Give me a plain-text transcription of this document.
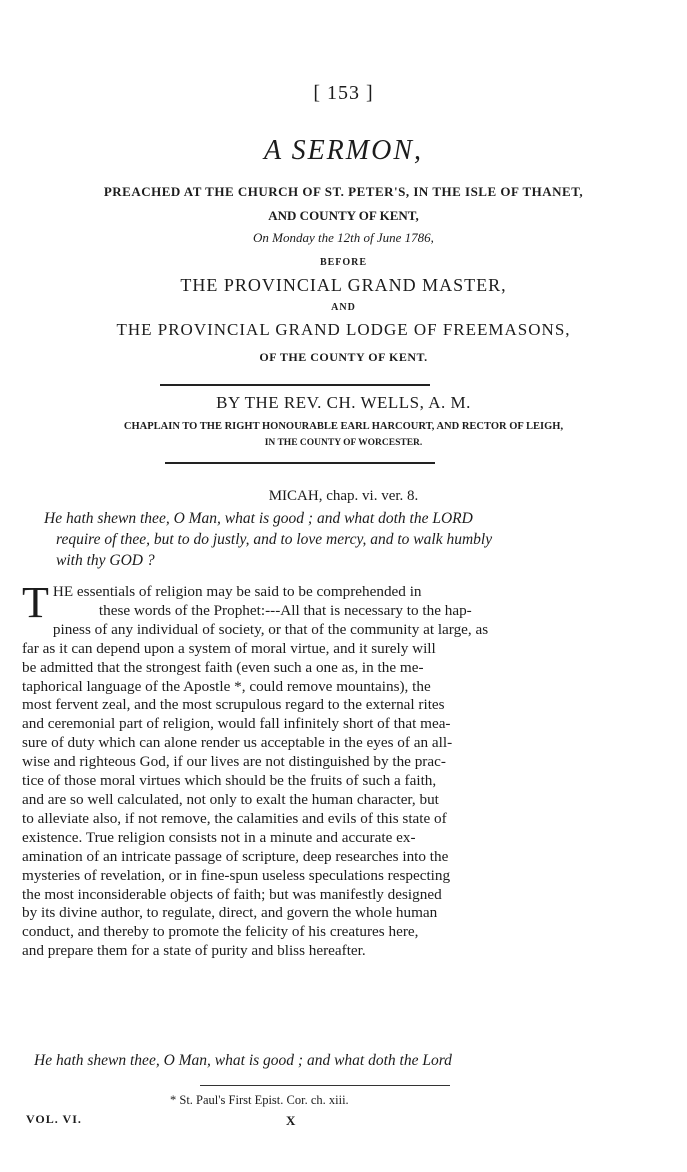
[ 153 ]
A SERMON,
PREACHED AT THE CHURCH OF ST. PETER'S, IN THE ISLE OF THANET,
AND COUNTY OF KENT,
On Monday the 12th of June 1786,
BEFORE
THE PROVINCIAL GRAND MASTER,
AND
THE PROVINCIAL GRAND LODGE OF FREEMASONS,
OF THE COUNTY OF KENT.
BY THE REV. CH. WELLS, A. M.
CHAPLAIN TO THE RIGHT HONOURABLE EARL HARCOURT, AND RECTOR OF LEIGH,
IN THE COUNTY OF WORCESTER.
MICAH, chap. vi. ver. 8.
He hath shewn thee, O Man, what is good ; and what doth the LORD
require of thee, but to do justly, and to love mercy, and to walk humbly
with thy GOD ?
T HE essentials of religion may be said to be comprehended in
these words of the Prophet:---All that is necessary to the hap-
piness of any individual of society, or that of the community at large, as
far as it can depend upon a system of moral virtue, and it surely will
be admitted that the strongest faith (even such a one as, in the me-
taphorical language of the Apostle *, could remove mountains), the
most fervent zeal, and the most scrupulous regard to the external rites
and ceremonial part of religion, would fall infinitely short of that mea-
sure of duty which can alone render us acceptable in the eyes of an all-
wise and righteous God, if our lives are not distinguished by the prac-
tice of those moral virtues which should be the fruits of such a faith,
and are so well calculated, not only to exalt the human character, but
to alleviate also, if not remove, the calamities and evils of this state of
existence. True religion consists not in a minute and accurate ex-
amination of an intricate passage of scripture, deep researches into the
mysteries of revelation, or in fine-spun useless speculations respecting
the most inconsiderable objects of faith; but was manifestly designed
by its divine author, to regulate, direct, and govern the whole human
conduct, and thereby to promote the felicity of his creatures here,
and prepare them for a state of purity and bliss hereafter.
He hath shewn thee, O Man, what is good ; and what doth the Lord
* St. Paul's First Epist. Cor. ch. xiii.
VOL. VI.	X
